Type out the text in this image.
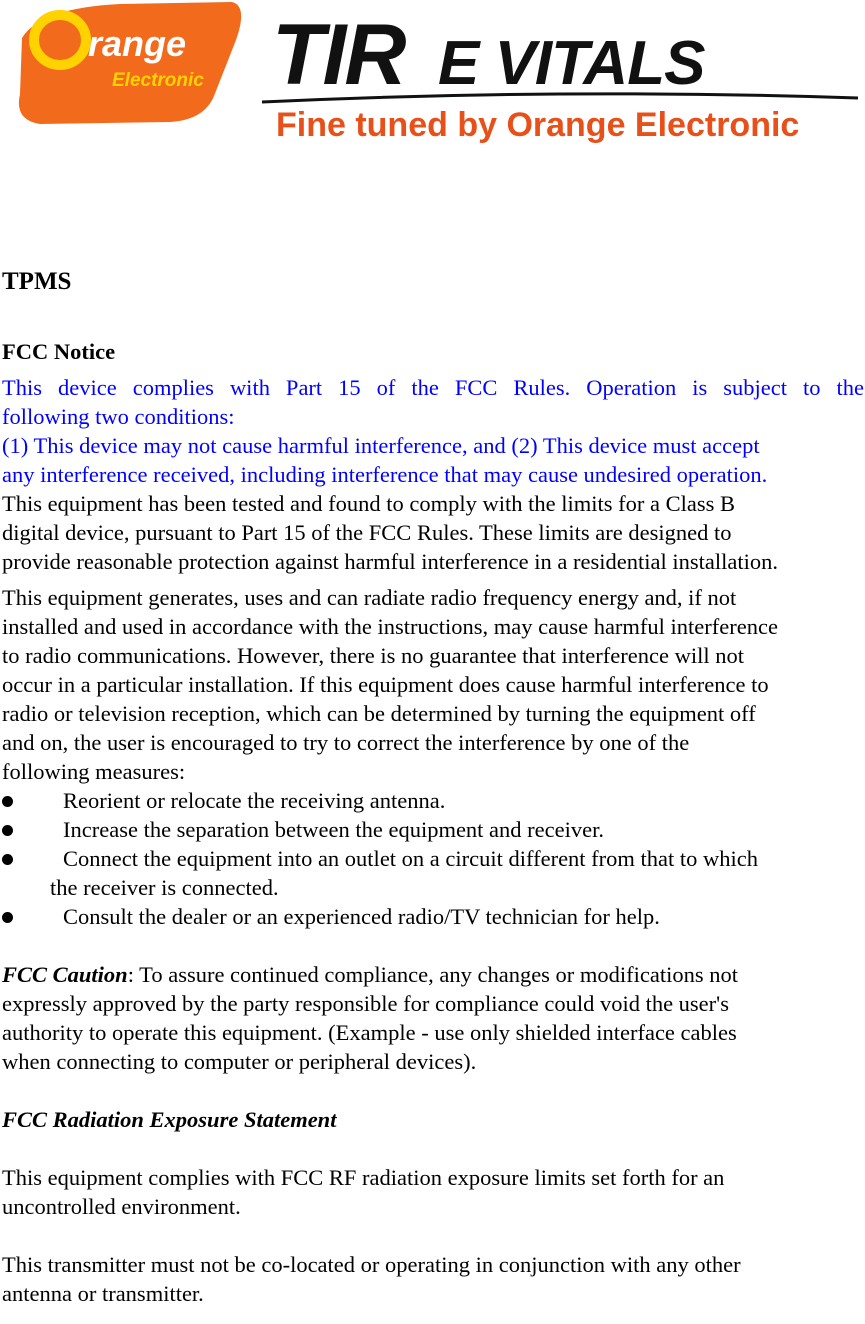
range
Electronic TIR E VITALS
Fine tuned by Orange Electronic
TPMS
FCC Notice
This device complies with Part 15 of the FCC Rules. Operation is subject to the
following two conditions:
(1) This device may not cause harmful interference, and (2) This device must accept
any interference received, including interference that may cause undesired operation.
This equipment has been tested and found to comply with the limits for a Class B
digital device, pursuant to Part 15 of the FCC Rules. These limits are designed to
provide reasonable protection against harmful interference in a residential installation.
This equipment generates, uses and can radiate radio frequency energy and, if not
installed and used in accordance with the instructions, may cause harmful interference
to radio communications. However, there is no guarantee that interference will not
occur in a particular installation. If this equipment does cause harmful interference to
radio or television reception, which can be determined by turning the equipment off
and on, the user is encouraged to try to correct the interference by one of the
following measures:
Reorient or relocate the receiving antenna.
Increase the separation between the equipment and receiver.
Connect the equipment into an outlet on a circuit different from that to which
the receiver is connected.
Consult the dealer or an experienced radio/TV technician for help.
FCC Caution: To assure continued compliance, any changes or modifications not
expressly approved by the party responsible for compliance could void the user's
authority to operate this equipment. (Example - use only shielded interface cables
when connecting to computer or peripheral devices).
FCC Radiation Exposure Statement
This equipment complies with FCC RF radiation exposure limits set forth for an
uncontrolled environment.
This transmitter must not be co-located or operating in conjunction with any other
antenna or transmitter.
